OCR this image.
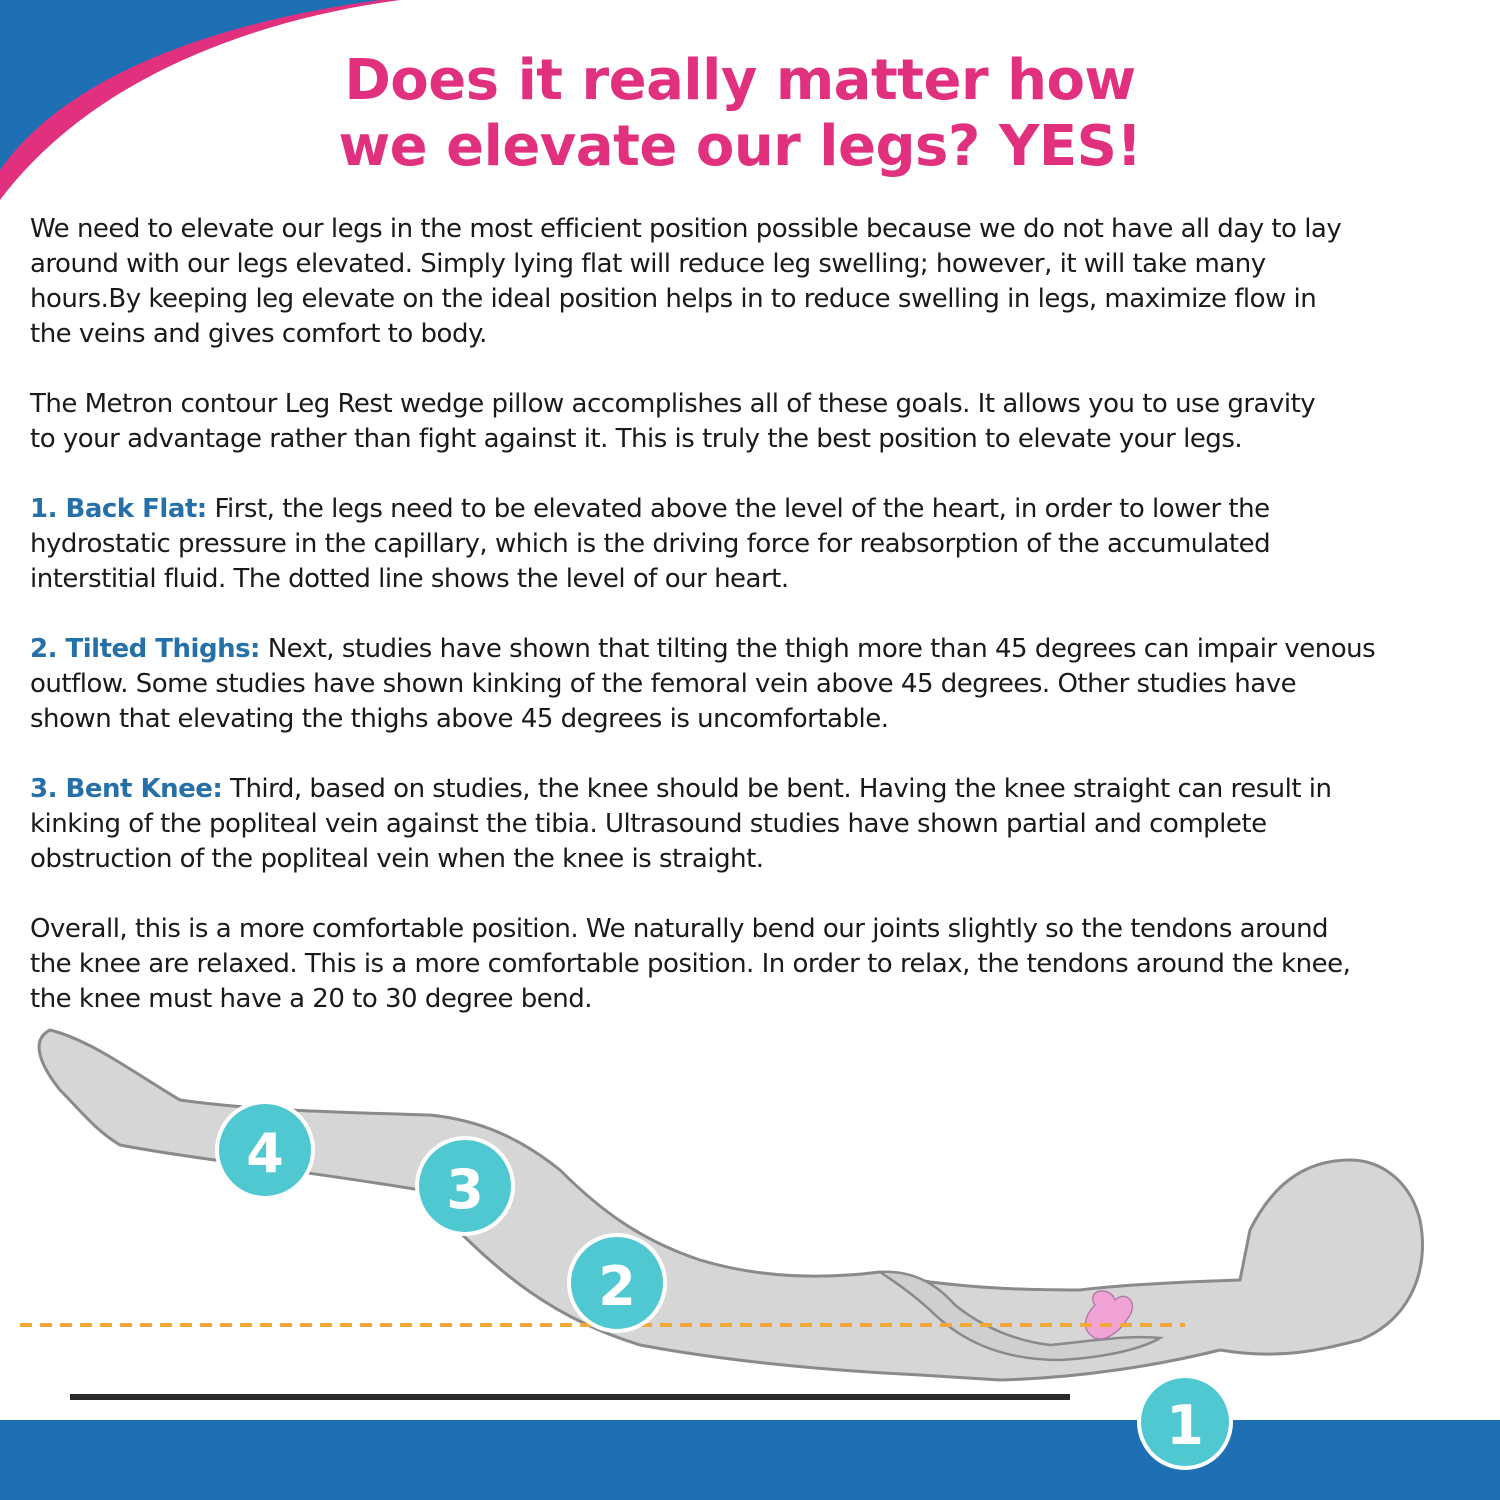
Does it really matter how
we elevate our legs? YES!

We need to elevate our legs in the most efficient position possible because we do not have all day to lay
around with our legs elevated. Simply lying flat will reduce leg swelling; however, it will take many
hours.By keeping leg elevate on the ideal position helps in to reduce swelling in legs, maximize flow in
the veins and gives comfort to body.

The Metron contour Leg Rest wedge pillow accomplishes all of these goals. It allows you to use gravity
to your advantage rather than fight against it. This is truly the best position to elevate your legs.

1. Back Flat: First, the legs need to be elevated above the level of the heart, in order to lower the
hydrostatic pressure in the capillary, which is the driving force for reabsorption of the accumulated
interstitial fluid. The dotted line shows the level of our heart.

2. Tilted Thighs: Next, studies have shown that tilting the thigh more than 45 degrees can impair venous
outflow. Some studies have shown kinking of the femoral vein above 45 degrees. Other studies have
shown that elevating the thighs above 45 degrees is uncomfortable.

3. Bent Knee: Third, based on studies, the knee should be bent. Having the knee straight can result in
kinking of the popliteal vein against the tibia. Ultrasound studies have shown partial and complete
obstruction of the popliteal vein when the knee is straight.

Overall, this is a more comfortable position. We naturally bend our joints slightly so the tendons around
the knee are relaxed. This is a more comfortable position. In order to relax, the tendons around the knee,
the knee must have a 20 to 30 degree bend.

1
2
3
4
